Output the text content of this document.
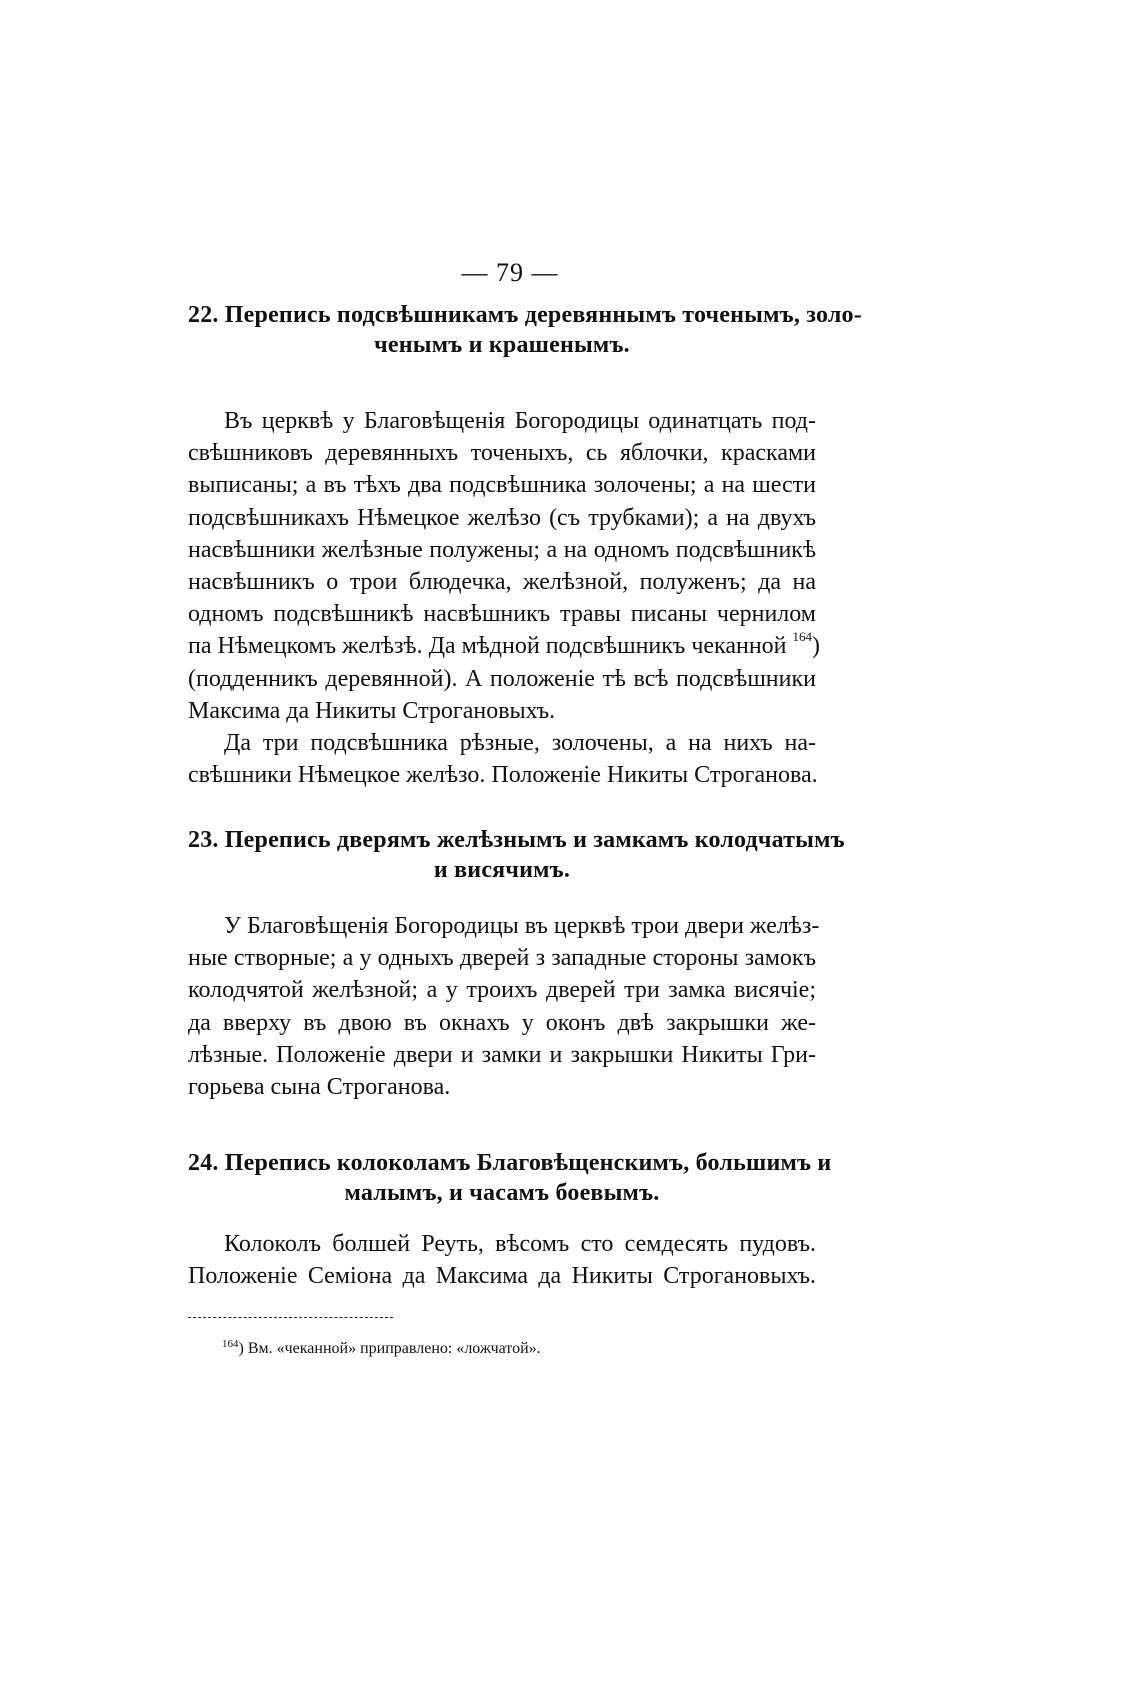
— 79 —
22. Перепись подсвѣшникамъ деревяннымъ точенымъ, золо-
ченымъ и крашенымъ.
Въ церквѣ у Благовѣщенія Богородицы одинатцать под-
свѣшниковъ деревянныхъ точеныхъ, сь яблочки, красками
выписаны; а въ тѣхъ два подсвѣшника золочены; а на шести
подсвѣшникахъ Нѣмецкое желѣзо (съ трубками); а на двухъ
насвѣшники желѣзные полужены; а на одномъ подсвѣшникѣ
насвѣшникъ о трои блюдечка, желѣзной, полуженъ; да на
одномъ подсвѣшникѣ насвѣшникъ травы писаны чернилом
па Нѣмецкомъ желѣзѣ. Да мѣдной подсвѣшникъ чеканной $^{164}$)
(подденникъ деревянной). А положеніе тѣ всѣ подсвѣшники
Максима да Никиты Строгановыхъ.
Да три подсвѣшника рѣзные, золочены, а на нихъ на-
свѣшники Нѣмецкое желѣзо. Положеніе Никиты Строганова.
23. Перепись дверямъ желѣзнымъ и замкамъ колодчатымъ
и висячимъ.
У Благовѣщенія Богородицы въ церквѣ трои двери желѣз-
ные створные; а у одныхъ дверей з западные стороны замокъ
колодчятой желѣзной; а у троихъ дверей три замка висячіе;
да вверху въ двою въ окнахъ у оконъ двѣ закрышки же-
лѣзные. Положеніе двери и замки и закрышки Никиты Гри-
горьева сына Строганова.
24. Перепись колоколамъ Благовѣщенскимъ, большимъ и
малымъ, и часамъ боевымъ.
Колоколъ болшей Реуть, вѣсомъ сто семдесять пудовъ.
Положеніе Семіона да Максима да Никиты Строгановыхъ.
$^{164}$) Вм. «чеканной» приправлено: «ложчатой».
